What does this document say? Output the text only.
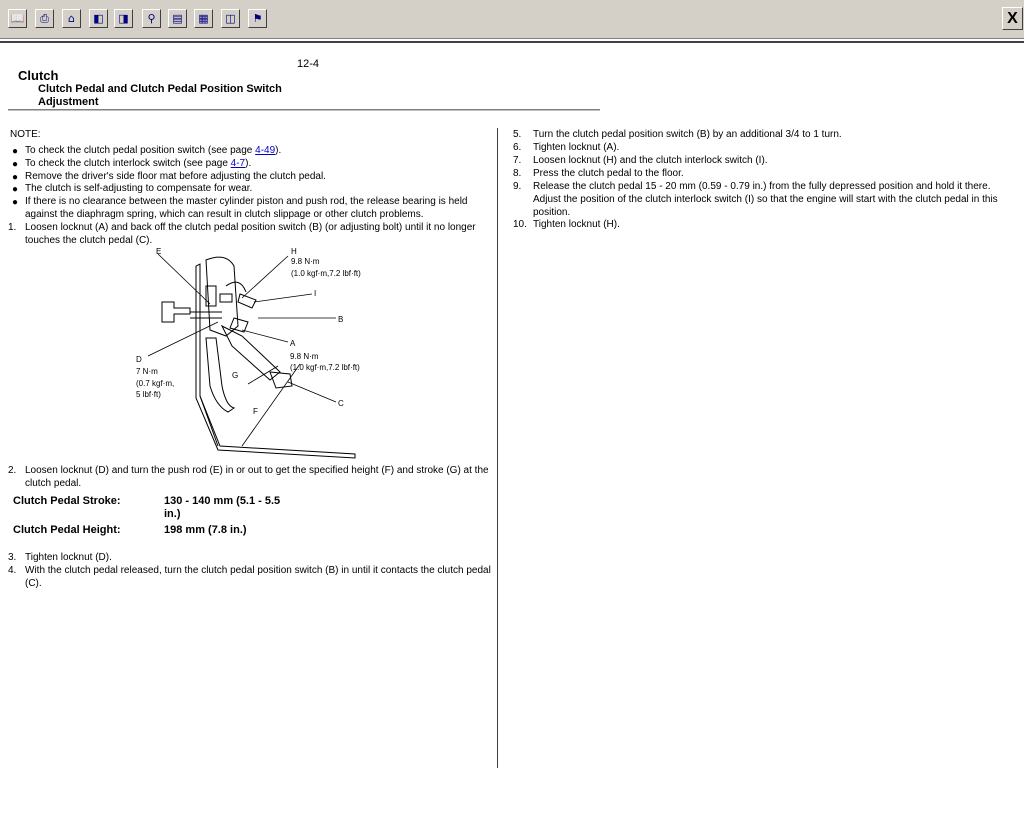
📖 ⎙ ⌂ ◧ ◨ ⚲ ▤ ▦ ◫ ⚑	X
12-4
Clutch
Clutch Pedal and Clutch Pedal Position Switch Adjustment
NOTE:
● To check the clutch pedal position switch (see page 4-49).
● To check the clutch interlock switch (see page 4-7).
● Remove the driver's side floor mat before adjusting the clutch pedal.
● The clutch is self-adjusting to compensate for wear.
● If there is no clearance between the master cylinder piston and push rod, the release bearing is held against the diaphragm spring, which can result in clutch slippage or other clutch problems.
1. Loosen locknut (A) and back off the clutch pedal position switch (B) (or adjusting bolt) until it no longer touches the clutch pedal (C).
E	H
9.8 N·m
(1.0 kgf·m,7.2 lbf·ft)
I
B
A
9.8 N·m
(1.0 kgf·m,7.2 lbf·ft)
D
7 N·m
(0.7 kgf·m,
5 lbf·ft)
G
C
F
2. Loosen locknut (D) and turn the push rod (E) in or out to get the specified height (F) and stroke (G) at the clutch pedal.
Clutch Pedal Stroke:	130 - 140 mm (5.1 - 5.5 in.)
Clutch Pedal Height:	198 mm (7.8 in.)
3. Tighten locknut (D).
4. With the clutch pedal released, turn the clutch pedal position switch (B) in until it contacts the clutch pedal (C).
5. Turn the clutch pedal position switch (B) by an additional 3/4 to 1 turn.
6. Tighten locknut (A).
7. Loosen locknut (H) and the clutch interlock switch (I).
8. Press the clutch pedal to the floor.
9. Release the clutch pedal 15 - 20 mm (0.59 - 0.79 in.) from the fully depressed position and hold it there. Adjust the position of the clutch interlock switch (I) so that the engine will start with the clutch pedal in this position.
10. Tighten locknut (H).
